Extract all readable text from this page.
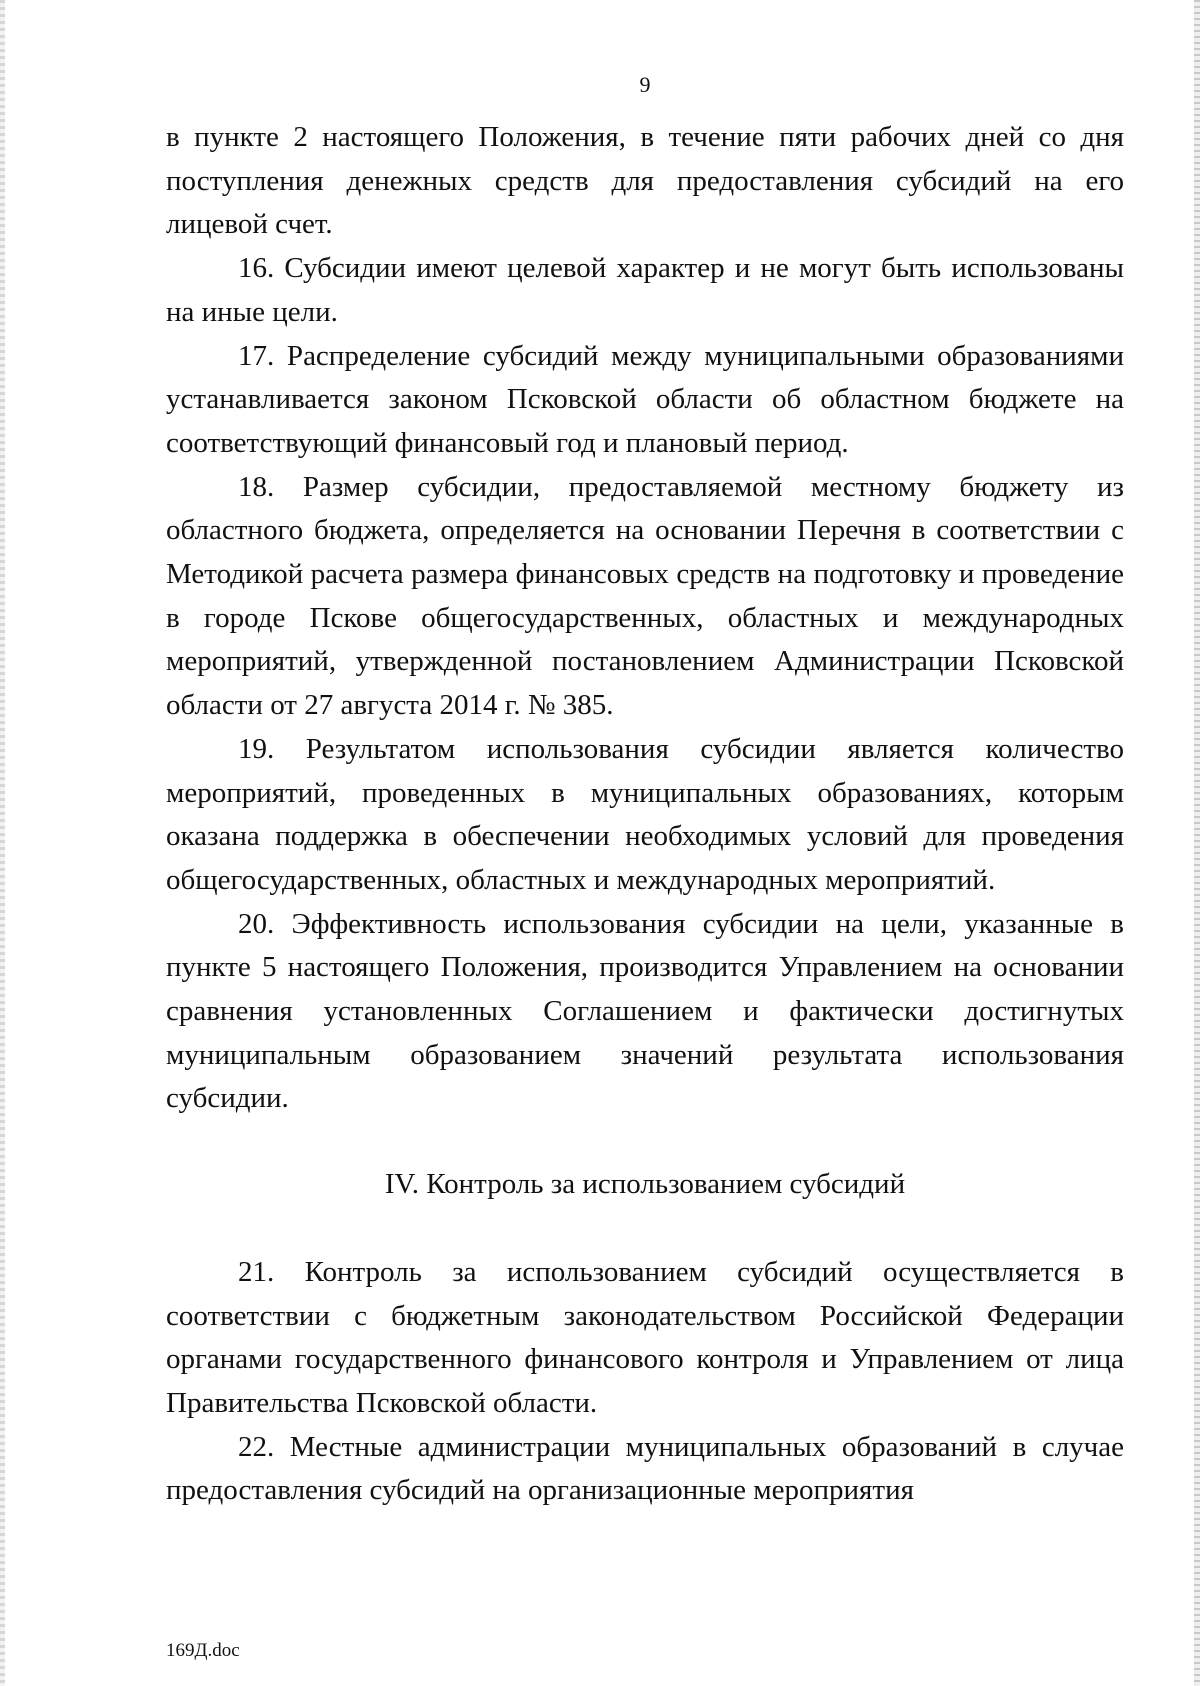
9

в пункте 2 настоящего Положения, в течение пяти рабочих дней со дня поступления денежных средств для предоставления субсидий на его лицевой счет.

16. Субсидии имеют целевой характер и не могут быть использованы на иные цели.

17. Распределение субсидий между муниципальными образованиями устанавливается законом Псковской области об областном бюджете на соответствующий финансовый год и плановый период.

18. Размер субсидии, предоставляемой местному бюджету из областного бюджета, определяется на основании Перечня в соответствии с Методикой расчета размера финансовых средств на подготовку и проведение в городе Пскове общегосударственных, областных и международных мероприятий, утвержденной постановлением Администрации Псковской области от 27 августа 2014 г. № 385.

19. Результатом использования субсидии является количество мероприятий, проведенных в муниципальных образованиях, которым оказана поддержка в обеспечении необходимых условий для проведения общегосударственных, областных и международных мероприятий.

20. Эффективность использования субсидии на цели, указанные в пункте 5 настоящего Положения, производится Управлением на основании сравнения установленных Соглашением и фактически достигнутых муниципальным образованием значений результата использования субсидии.

IV. Контроль за использованием субсидий

21. Контроль за использованием субсидий осуществляется в соответствии с бюджетным законодательством Российской Федерации органами государственного финансового контроля и Управлением от лица Правительства Псковской области.

22. Местные администрации муниципальных образований в случае предоставления субсидий на организационные мероприятия

169Д.doc
